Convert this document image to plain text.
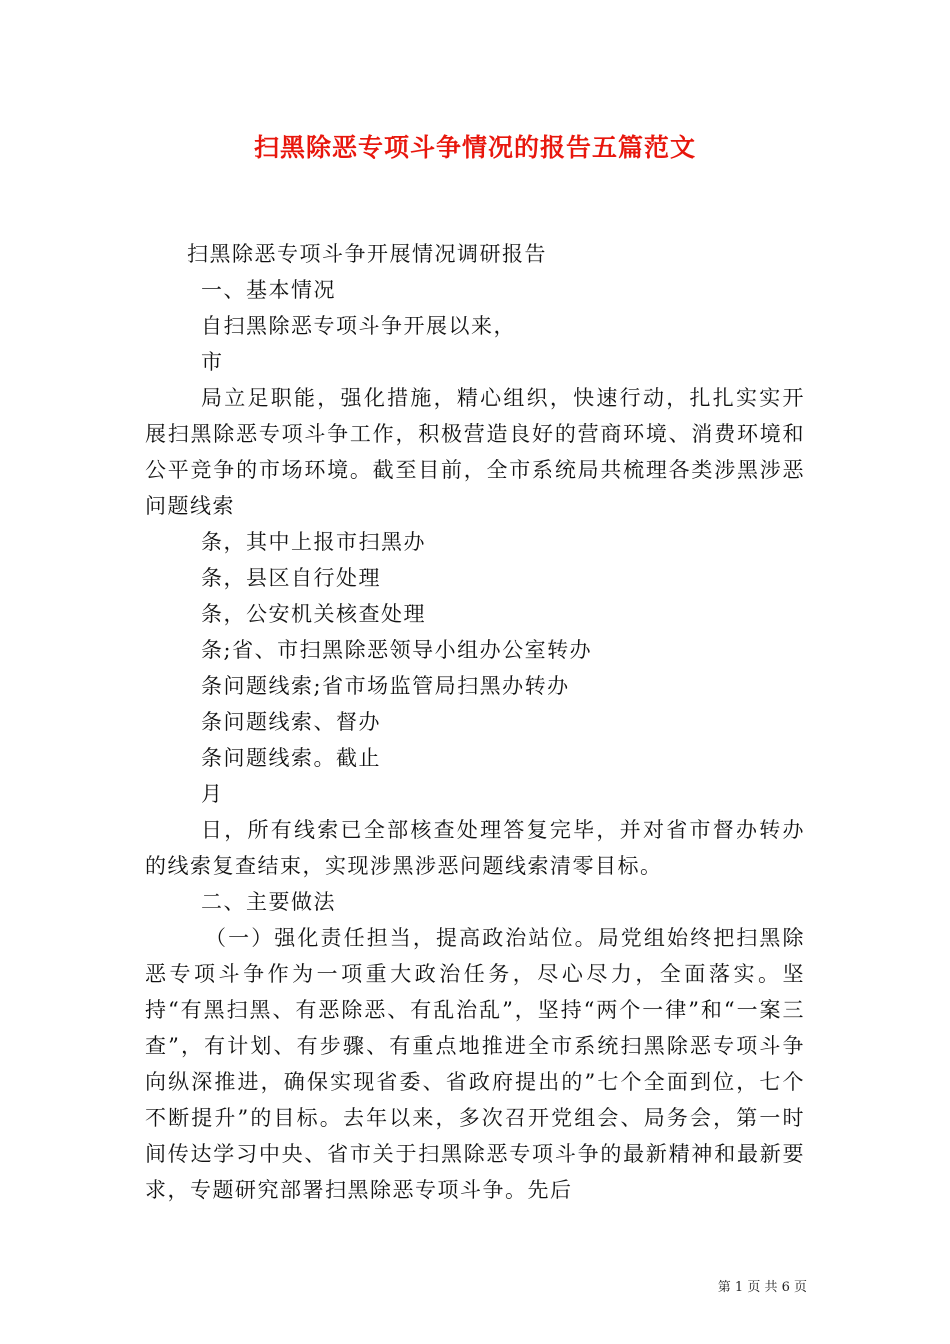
扫黑除恶专项斗争情况的报告五篇范文
扫黑除恶专项斗争开展情况调研报告
一、基本情况
自扫黑除恶专项斗争开展以来，
市
局立足职能，强化措施，精心组织，快速行动，扎扎实实开展扫黑除恶专项斗争工作，积极营造良好的营商环境、消费环境和公平竞争的市场环境。截至目前，全市系统局共梳理各类涉黑涉恶问题线索
条，其中上报市扫黑办
条，县区自行处理
条，公安机关核查处理
条;省、市扫黑除恶领导小组办公室转办
条问题线索;省市场监管局扫黑办转办
条问题线索、督办
条问题线索。截止
月
日，所有线索已全部核查处理答复完毕，并对省市督办转办的线索复查结束，实现涉黑涉恶问题线索清零目标。
二、主要做法
（一）强化责任担当，提高政治站位。局党组始终把扫黑除恶专项斗争作为一项重大政治任务，尽心尽力，全面落实。坚持“有黑扫黑、有恶除恶、有乱治乱”，坚持“两个一律”和“一案三查”，有计划、有步骤、有重点地推进全市系统扫黑除恶专项斗争向纵深推进，确保实现省委、省政府提出的”七个全面到位，七个不断提升”的目标。去年以来，多次召开党组会、局务会，第一时间传达学习中央、省市关于扫黑除恶专项斗争的最新精神和最新要求，专题研究部署扫黑除恶专项斗争。先后
第 1 页 共 6 页
